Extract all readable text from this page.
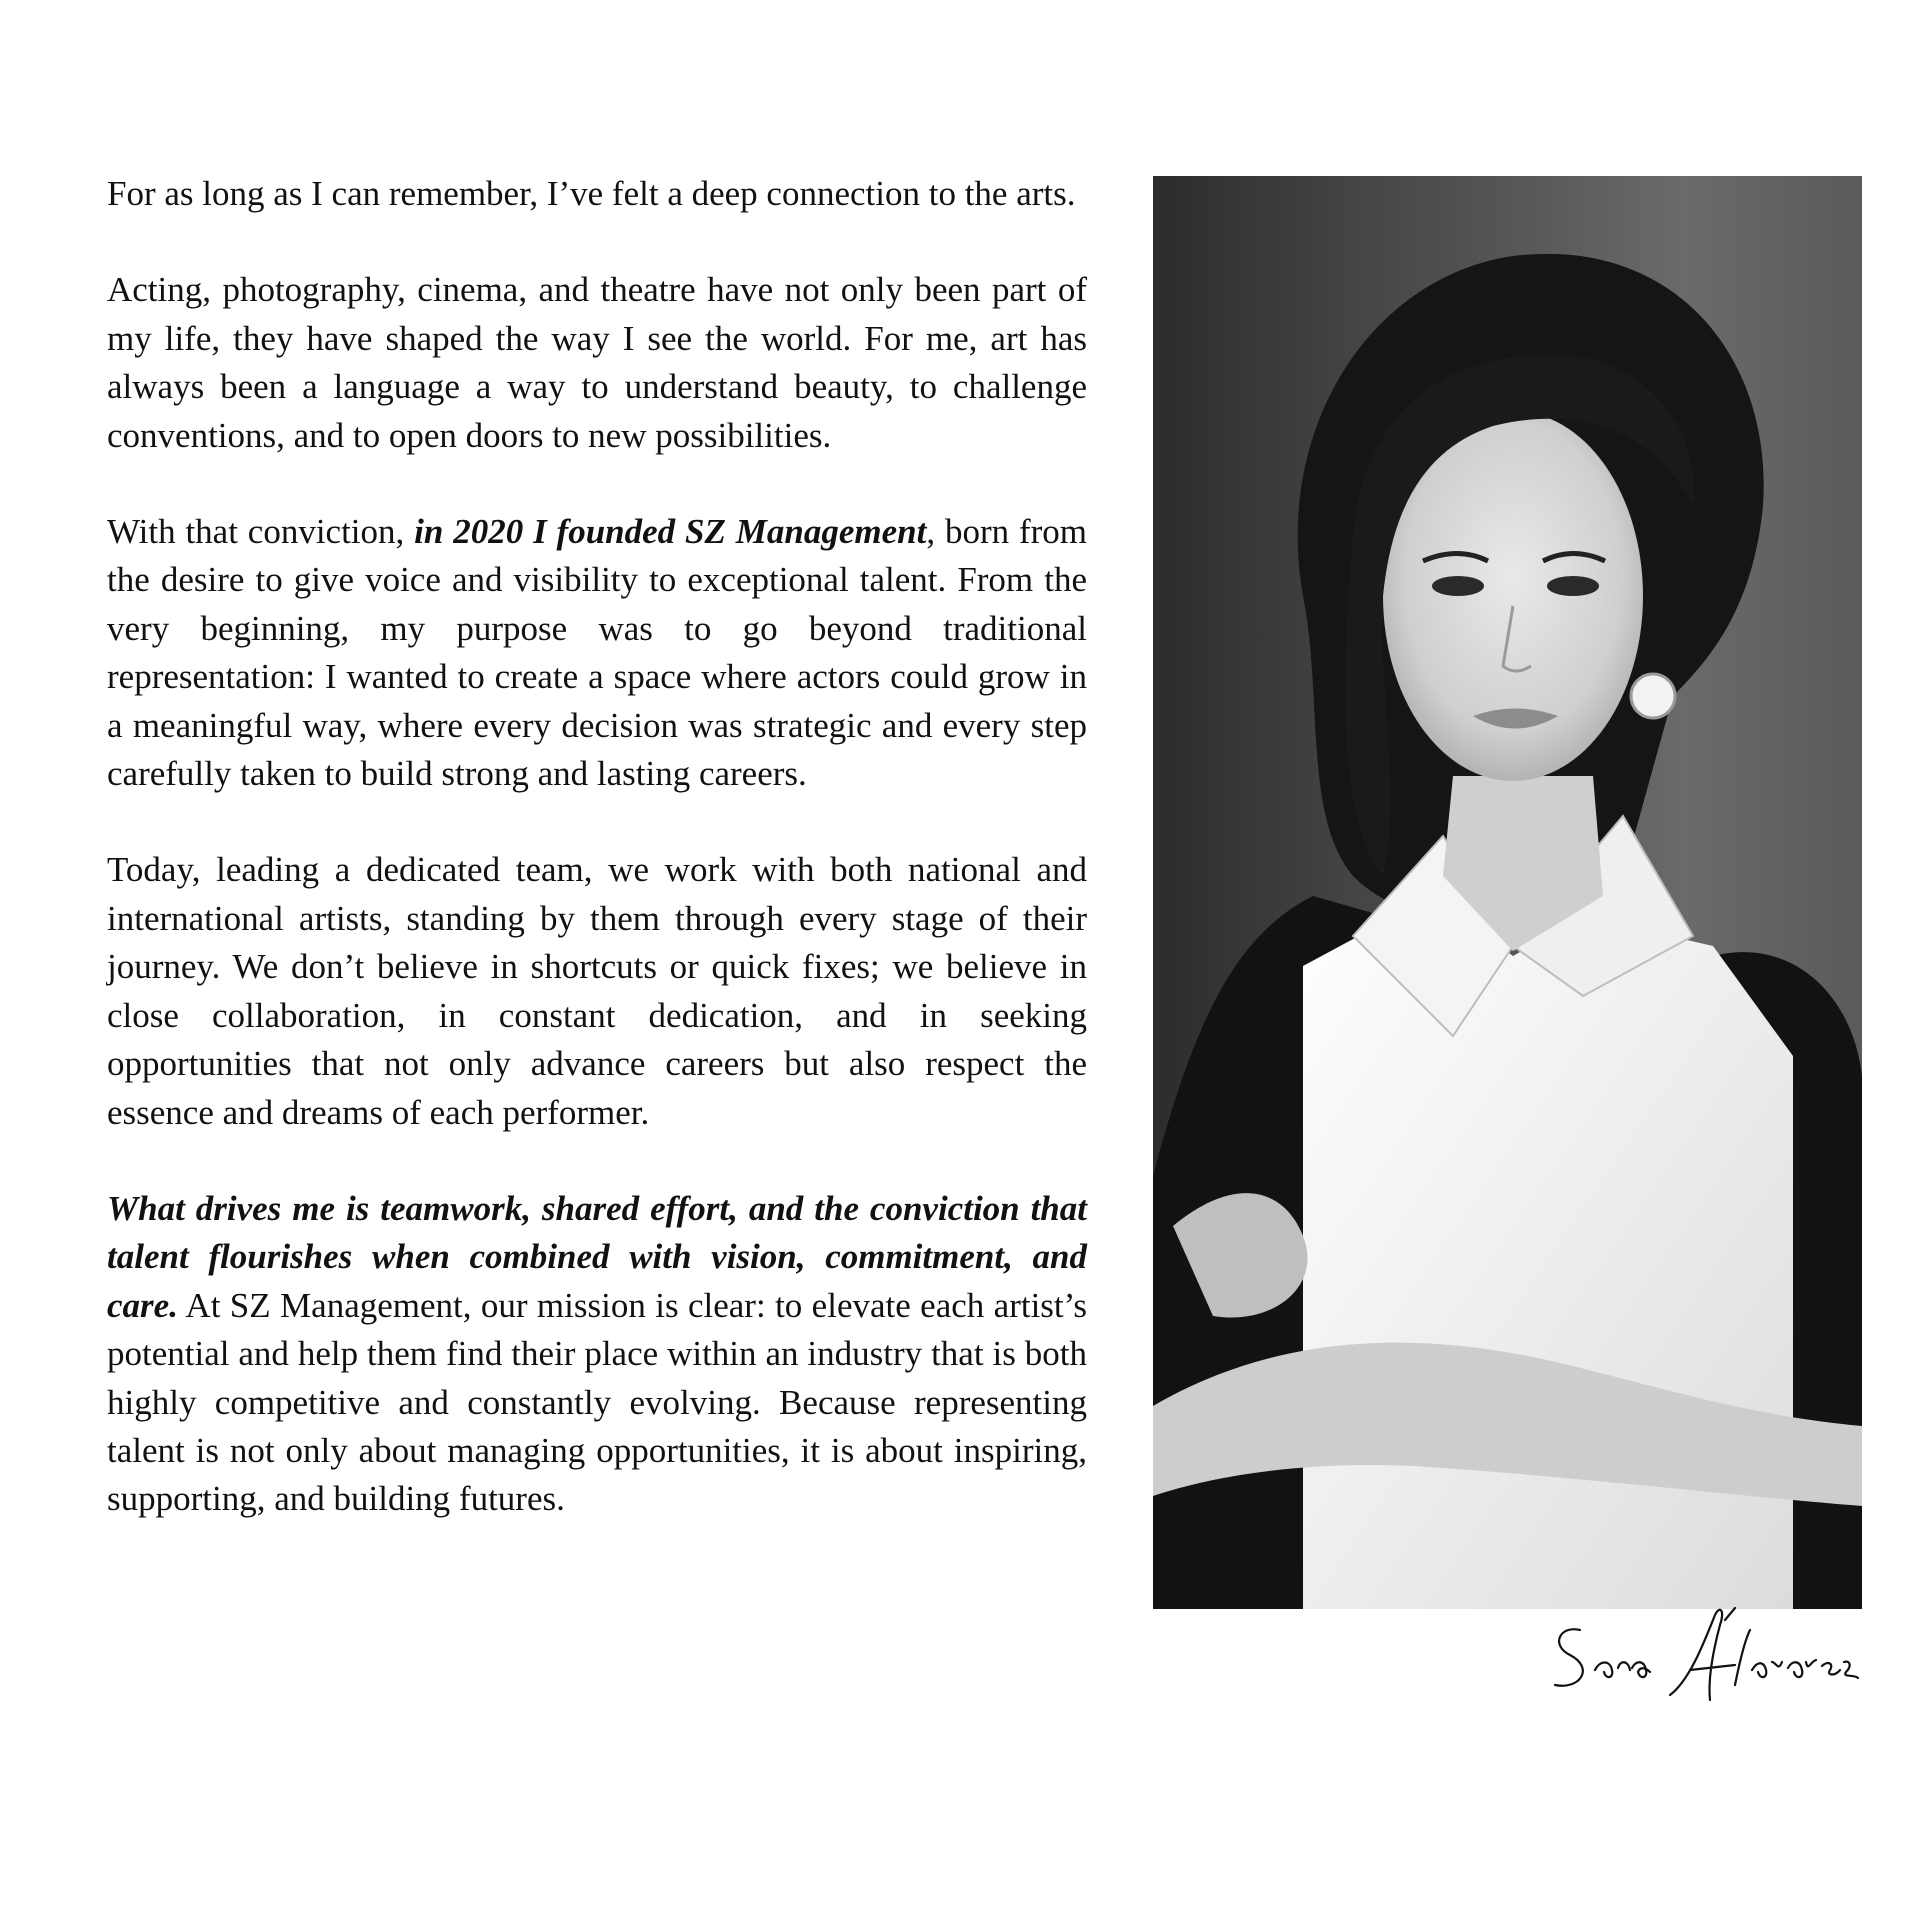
For as long as I can remember, I’ve felt a deep connection to the arts.

Acting, photography, cinema, and theatre have not only been part of my life, they have shaped the way I see the world. For me, art has always been a language a way to understand beauty, to challenge conventions, and to open doors to new possibilities.

With that conviction, in 2020 I founded SZ Management, born from the desire to give voice and visibility to exceptional talent. From the very beginning, my purpose was to go beyond traditional representation: I wanted to create a space where actors could grow in a meaningful way, where every decision was strategic and every step carefully taken to build strong and lasting careers.

Today, leading a dedicated team, we work with both national and international artists, standing by them through every stage of their journey. We don’t believe in shortcuts or quick fixes; we believe in close collaboration, in constant dedication, and in seeking opportunities that not only advance careers but also respect the essence and dreams of each performer.

What drives me is teamwork, shared effort, and the conviction that talent flourishes when combined with vision, commitment, and care. At SZ Management, our mission is clear: to elevate each artist’s potential and help them find their place within an industry that is both highly competitive and constantly evolving. Because representing talent is not only about managing opportunities, it is about inspiring, supporting, and building futures.
